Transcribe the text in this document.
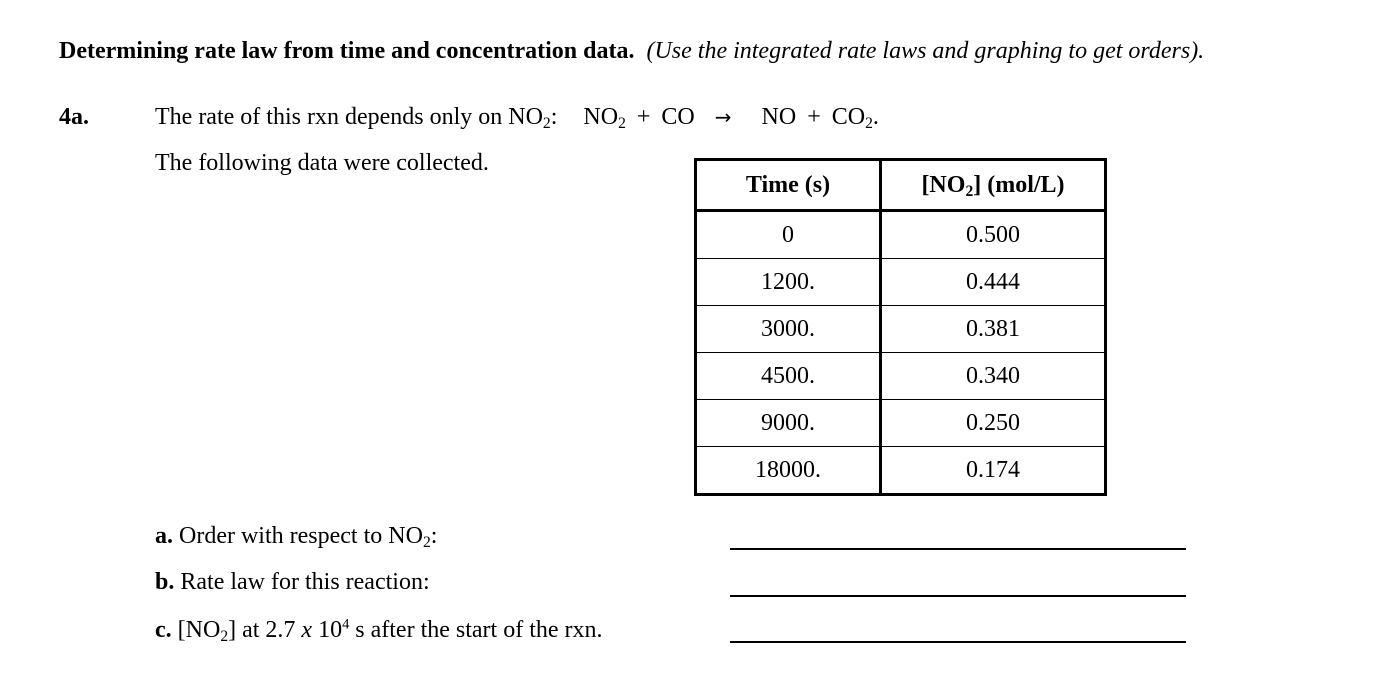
Determining rate law from time and concentration data. (Use the integrated rate laws and graphing to get orders).
4a.	The rate of this rxn depends only on $NO_2$: $NO_2$ + CO → NO + $CO_2$.
The following data were collected.
Time (s)	$[NO_2]$ (mol/L)
0	0.500
1200.	0.444
3000.	0.381
4500.	0.340
9000.	0.250
18000.	0.174
a. Order with respect to $NO_2$:
b. Rate law for this reaction:
c. $[NO_2]$ at 2.7 x $10^4$ s after the start of the rxn.
